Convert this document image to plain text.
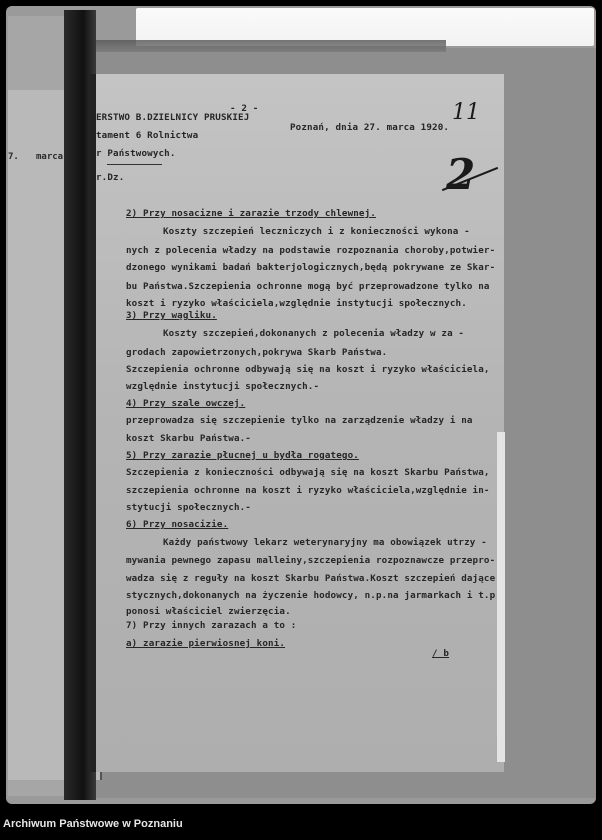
7. marca
- 2 -
ERSTWO B.DZIELNICY PRUSKIEJ
tament 6 Rolnictwa
r Państwowych.
r.Dz.
Poznań, dnia 27. marca 1920.
11
2
2) Przy nosacizne i zarazie trzody chlewnej.
Koszty szczepień leczniczych i z konieczności wykona -
nych z polecenia władzy na podstawie rozpoznania choroby,potwier-
dzonego wynikami badań bakterjologicznych,będą pokrywane ze Skar-
bu Państwa.Szczepienia ochronne mogą być przeprowadzone tylko na
koszt i ryzyko właściciela,względnie instytucji społecznych.
3) Przy wągliku.
Koszty szczepień,dokonanych z polecenia władzy w za -
grodach zapowietrzonych,pokrywa Skarb Państwa.
Szczepienia ochronne odbywają się na koszt i ryzyko właściciela,
względnie instytucji społecznych.-
4) Przy szale owczej.
przeprowadza się szczepienie tylko na zarządzenie władzy i na
koszt Skarbu Państwa.-
5) Przy zarazie płucnej u bydła rogatego.
Szczepienia z konieczności odbywają się na koszt Skarbu Państwa,
szczepienia ochronne na koszt i ryzyko właściciela,względnie in-
stytucji społecznych.-
6) Przy nosacizie.
Każdy państwowy lekarz weterynaryjny ma obowiązek utrzy -
mywania pewnego zapasu malleiny,szczepienia rozpoznawcze przepro-
wadza się z reguły na koszt Skarbu Państwa.Koszt szczepień dające
stycznych,dokonanych na życzenie hodowcy, n.p.na jarmarkach i t.p
ponosi właściciel zwierzęcia.
7) Przy innych zarazach a to :
a) zarazie pierwiosnej koni.
/ b
Archiwum Państwowe w Poznaniu
